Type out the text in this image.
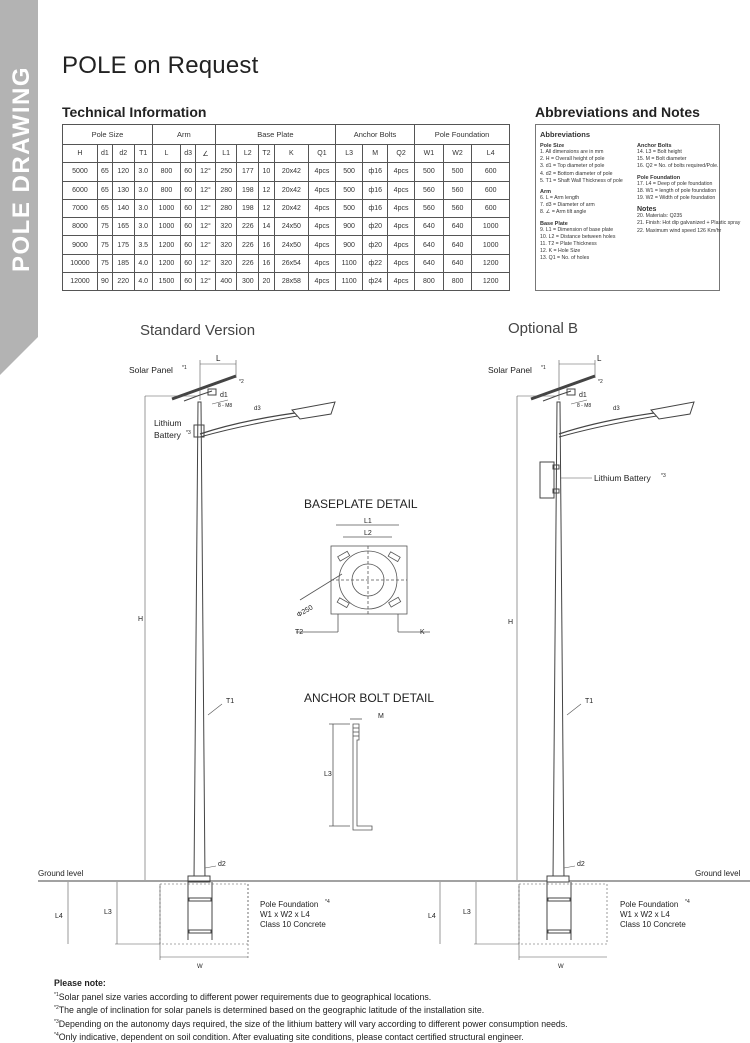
POLE DRAWING
POLE on Request
Technical Information	Abbreviations and Notes
Pole Size				Arm			Base Plate					Anchor Bolts			Pole Foundation		
H	d1	d2	T1	L	d3	∠	L1	L2	T2	K	Q1	L3	M	Q2	W1	W2	L4
5000	65	120	3.0	800	60	12°	250	177	10	20x42	4pcs	500	ф16	4pcs	500	500	600
6000	65	130	3.0	800	60	12°	280	198	12	20x42	4pcs	500	ф16	4pcs	560	560	600
7000	65	140	3.0	1000	60	12°	280	198	12	20x42	4pcs	500	ф16	4pcs	560	560	600
8000	75	165	3.0	1000	60	12°	320	226	14	24x50	4pcs	900	ф20	4pcs	640	640	1000
9000	75	175	3.5	1200	60	12°	320	226	16	24x50	4pcs	900	ф20	4pcs	640	640	1000
10000	75	185	4.0	1200	60	12°	320	226	16	26x54	4pcs	1100	ф22	4pcs	640	640	1200
12000	90	220	4.0	1500	60	12°	400	300	20	28x58	4pcs	1100	ф24	4pcs	800	800	1200
Abbreviations
Pole Size
1. All dimensions are in mm
2. H = Overall height of pole
3. d1 = Top diameter of pole
4. d2 = Bottom diameter of pole
5. T1 = Shaft Wall Thickness of pole
Arm
6. L = Arm length
7. d3 = Diameter of arm
8. ∠ = Arm tilt angle
Base Plate
9. L1 = Dimension of base plate
10. L2 = Distance between holes
11. T2 = Plate Thickness
12. K = Hole Size
13. Q1 = No. of holes
Anchor Bolts
14. L3 = Bolt height
15. M = Bolt diameter
16. Q2 = No. of bolts required/Pole.
Pole Foundation
17. L4 = Deep of pole foundation
18. W1 = length of pole foundation
19. W2 = Width of pole foundation
Notes
20. Materials: Q235
21. Finish: Hot dip galvanized + Plastic spray
22. Maximum wind speed 126 Km/hr
Standard Version	Optional B
L
Solar Panel *1
*2
d1
8 - M8
Lithium
Battery *3
d3
H
T1
d2
L3
L4
W
Ground level	Ground level
Pole Foundation *4
W1 x W2 x L4
Class 10 Concrete
BASEPLATE DETAIL
L1
L2
Φ250
T2	K
ANCHOR BOLT DETAIL
M
L3
L
Solar Panel *1
*2
d1
8 - M8
Lithium Battery *3
d3
H
T1
d2
L3
L4
W
Pole Foundation *4
W1 x W2 x L4
Class 10 Concrete
Please note:
$^{*1}$Solar panel size varies according to different power requirements due to geographical locations.
$^{*2}$The angle of inclination for solar panels is determined based on the geographic latitude of the installation site.
$^{*3}$Depending on the autonomy days required, the size of the lithium battery will vary according to different power consumption needs.
$^{*4}$Only indicative, dependent on soil condition. After evaluating site conditions, please contact certified structural engineer.
